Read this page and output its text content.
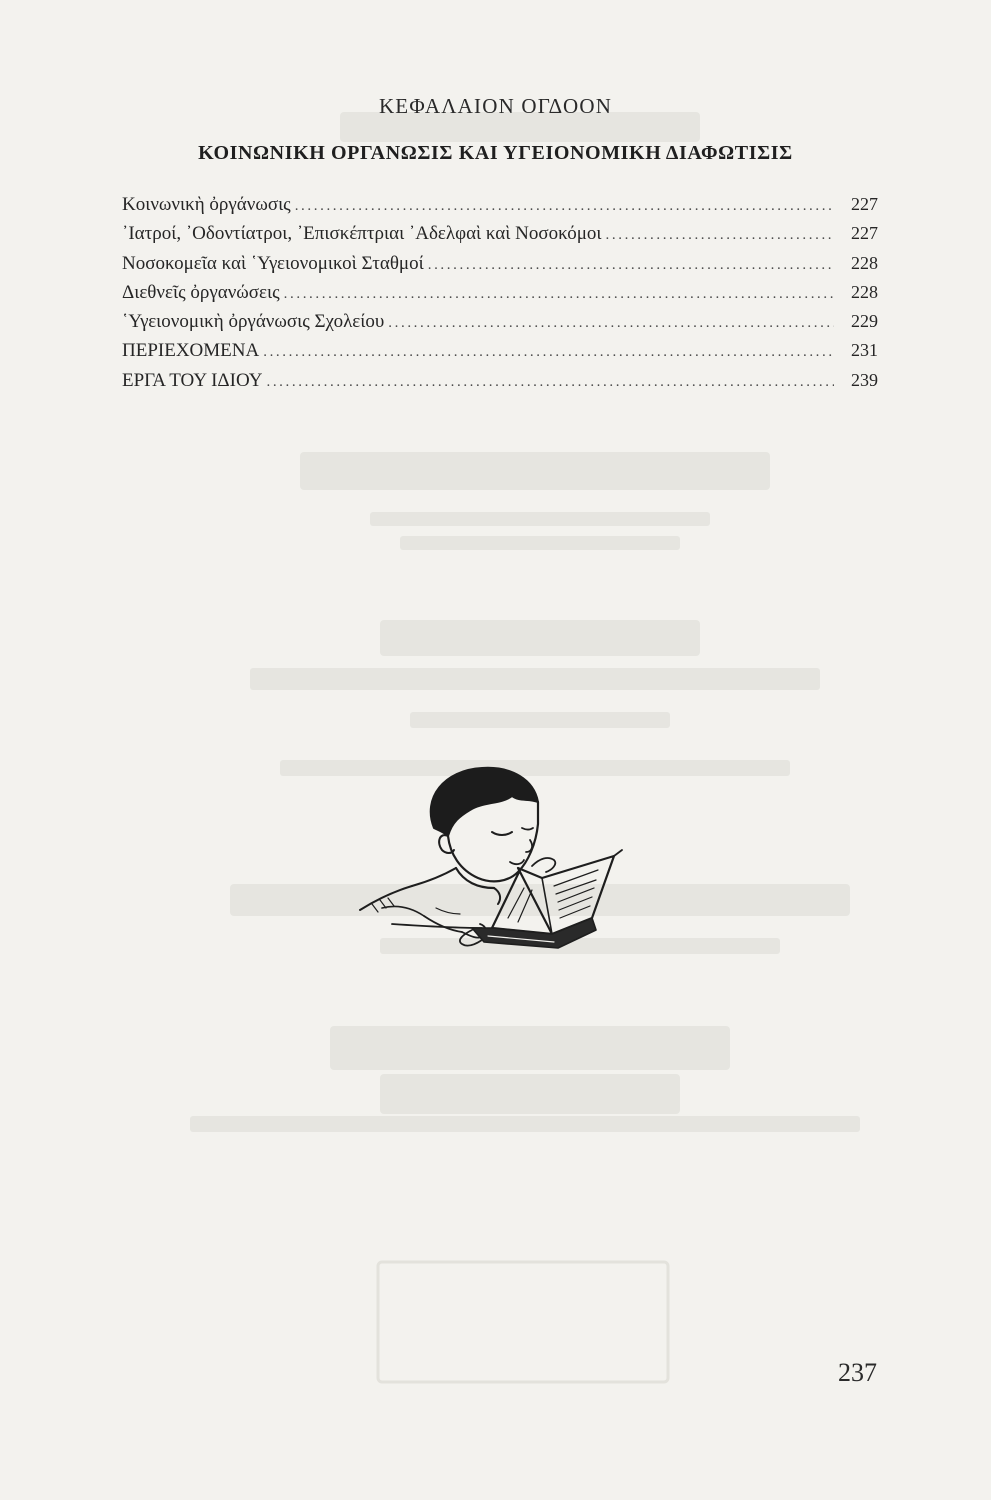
ΚΕΦΑΛΑΙΟΝ ΟΓΔΟΟΝ
ΚΟΙΝΩΝΙΚΗ ΟΡΓΑΝΩΣΙΣ ΚΑΙ ΥΓΕΙΟΝΟΜΙΚΗ ΔΙΑΦΩΤΙΣΙΣ
Κοινωνικὴ ὀργάνωσις .....	227
᾿Ιατροί, ᾿Οδοντίατροι, ᾿Επισκέπτριαι ᾿Αδελφαὶ καὶ Νοσοκόμοι .....	227
Νοσοκομεῖα καὶ ῾Υγειονομικοὶ Σταθμοί .....	228
Διεθνεῖς ὀργανώσεις .....	228
῾Υγειονομικὴ ὀργάνωσις Σχολείου .....	229
ΠΕΡΙΕΧΟΜΕΝΑ .....	231
ΕΡΓΑ ΤΟΥ ΙΔΙΟΥ .....	239
237
